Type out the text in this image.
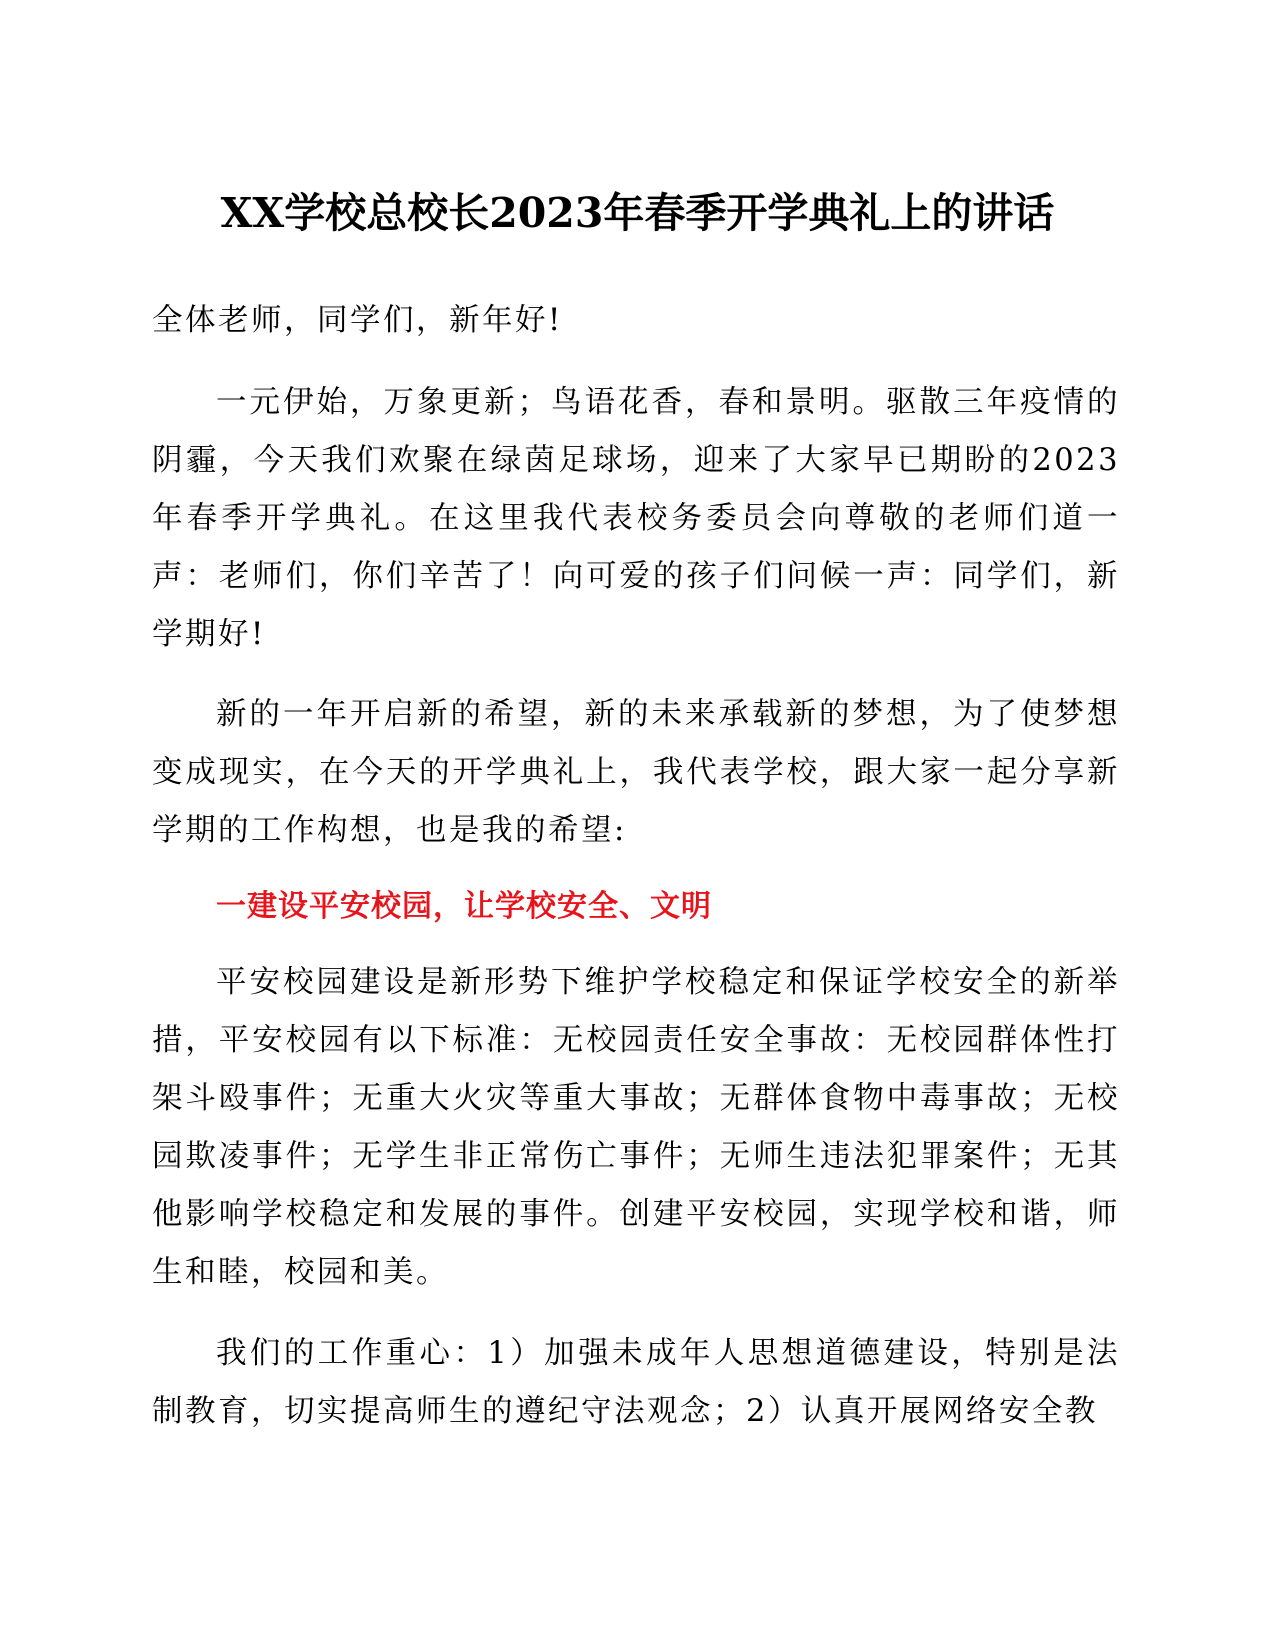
XX学校总校长2023年春季开学典礼上的讲话

全体老师，同学们，新年好!

一元伊始，万象更新；鸟语花香，春和景明。驱散三年疫情的阴霾，今天我们欢聚在绿茵足球场，迎来了大家早已期盼的2023年春季开学典礼。在这里我代表校务委员会向尊敬的老师们道一声：老师们，你们辛苦了！向可爱的孩子们问候一声：同学们，新学期好!

新的一年开启新的希望，新的未来承载新的梦想，为了使梦想变成现实，在今天的开学典礼上，我代表学校，跟大家一起分享新学期的工作构想，也是我的希望:

一建设平安校园，让学校安全、文明

平安校园建设是新形势下维护学校稳定和保证学校安全的新举措，平安校园有以下标准：无校园责任安全事故：无校园群体性打架斗殴事件；无重大火灾等重大事故；无群体食物中毒事故；无校园欺凌事件；无学生非正常伤亡事件；无师生违法犯罪案件；无其他影响学校稳定和发展的事件。创建平安校园，实现学校和谐，师生和睦，校园和美。

我们的工作重心：1）加强未成年人思想道德建设，特别是法制教育，切实提高师生的遵纪守法观念；2）认真开展网络安全教
